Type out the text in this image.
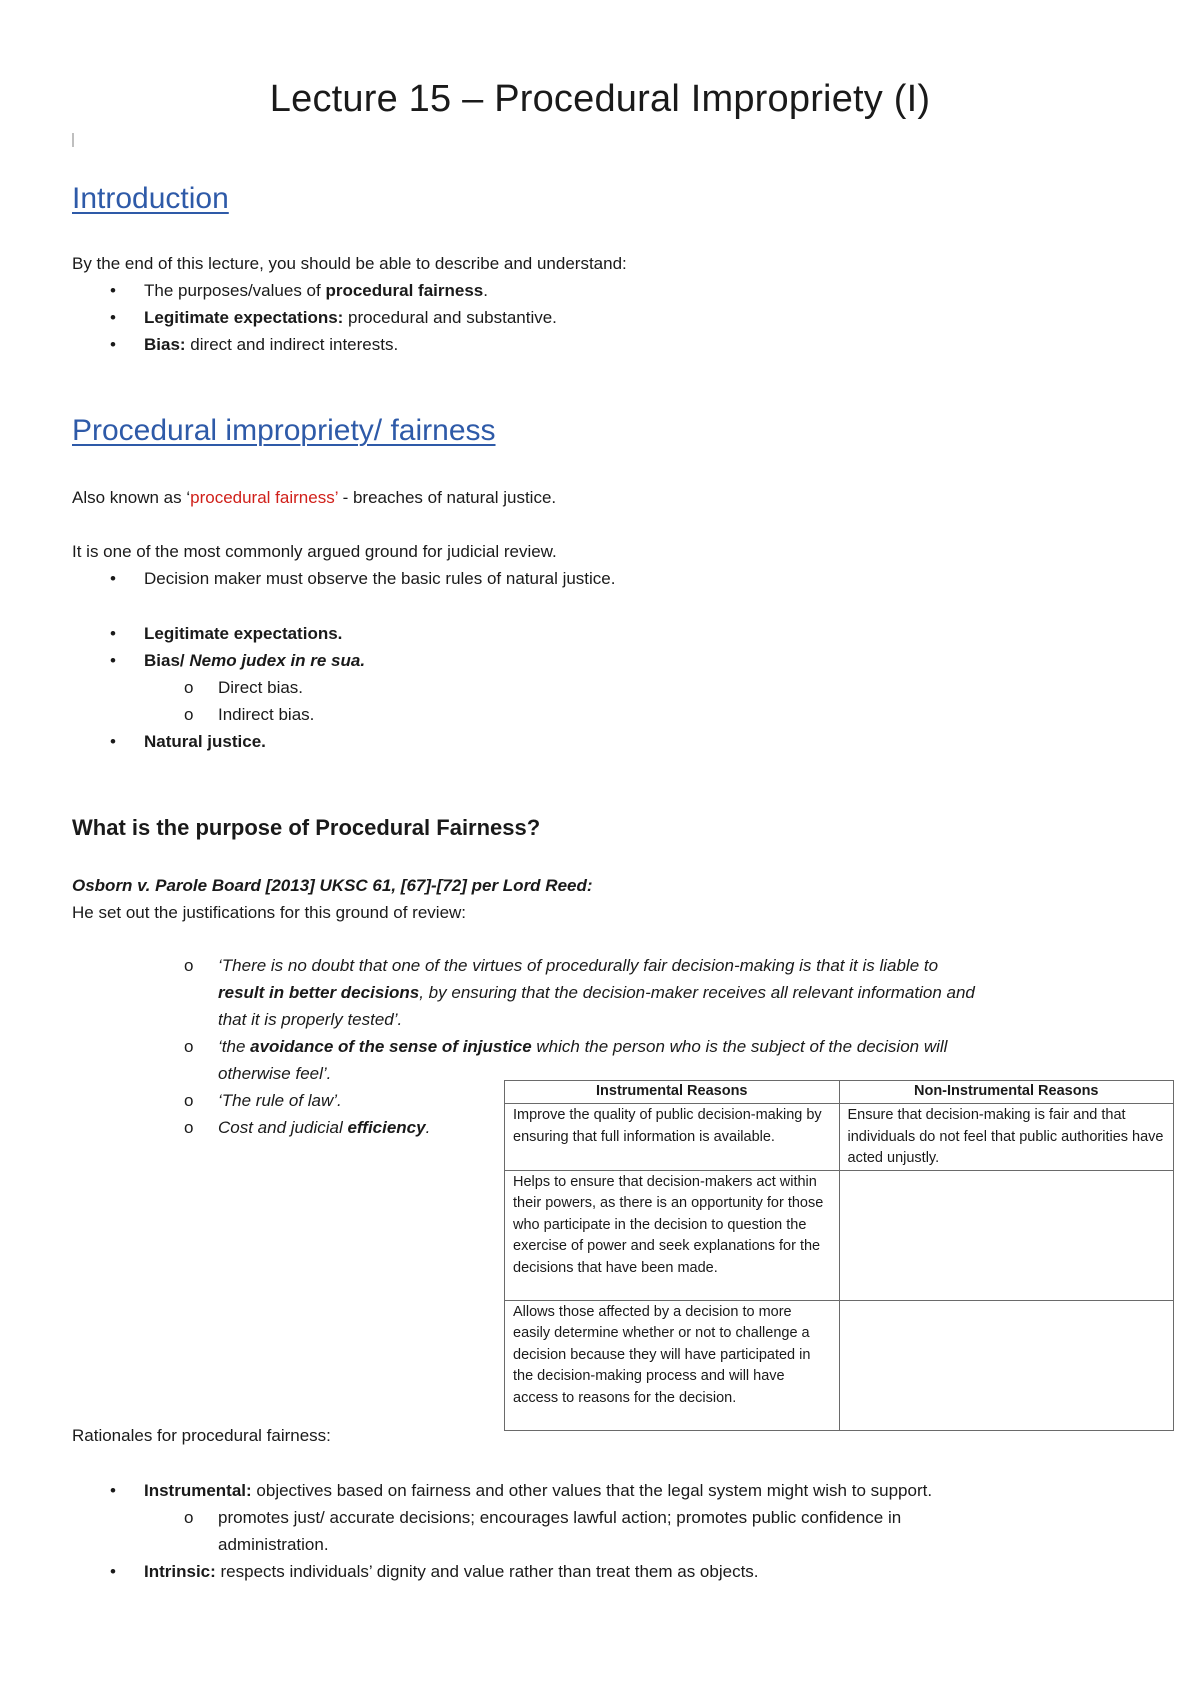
Lecture 15 – Procedural Impropriety (I)
Introduction
By the end of this lecture, you should be able to describe and understand:
• The purposes/values of procedural fairness.
• Legitimate expectations: procedural and substantive.
• Bias: direct and indirect interests.
Procedural impropriety/ fairness
Also known as ‘procedural fairness’ - breaches of natural justice.
It is one of the most commonly argued ground for judicial review.
• Decision maker must observe the basic rules of natural justice.
• Legitimate expectations.
• Bias/ Nemo judex in re sua.
o Direct bias.
o Indirect bias.
• Natural justice.
What is the purpose of Procedural Fairness?
Osborn v. Parole Board [2013] UKSC 61, [67]-[72] per Lord Reed:
He set out the justifications for this ground of review:
o ‘There is no doubt that one of the virtues of procedurally fair decision-making is that it is liable to
result in better decisions, by ensuring that the decision-maker receives all relevant information and
that it is properly tested’.
o ‘the avoidance of the sense of injustice which the person who is the subject of the decision will
otherwise feel’.
o ‘The rule of law’.
o Cost and judicial efficiency.
Instrumental Reasons	Non-Instrumental Reasons
Improve the quality of public decision-making by ensuring that full information is available.	Ensure that decision-making is fair and that individuals do not feel that public authorities have acted unjustly.
Helps to ensure that decision-makers act within their powers, as there is an opportunity for those who participate in the decision to question the exercise of power and seek explanations for the decisions that have been made.	
Allows those affected by a decision to more easily determine whether or not to challenge a decision because they will have participated in the decision-making process and will have access to reasons for the decision.	
Rationales for procedural fairness:
• Instrumental: objectives based on fairness and other values that the legal system might wish to support.
o promotes just/ accurate decisions; encourages lawful action; promotes public confidence in
administration.
• Intrinsic: respects individuals’ dignity and value rather than treat them as objects.
